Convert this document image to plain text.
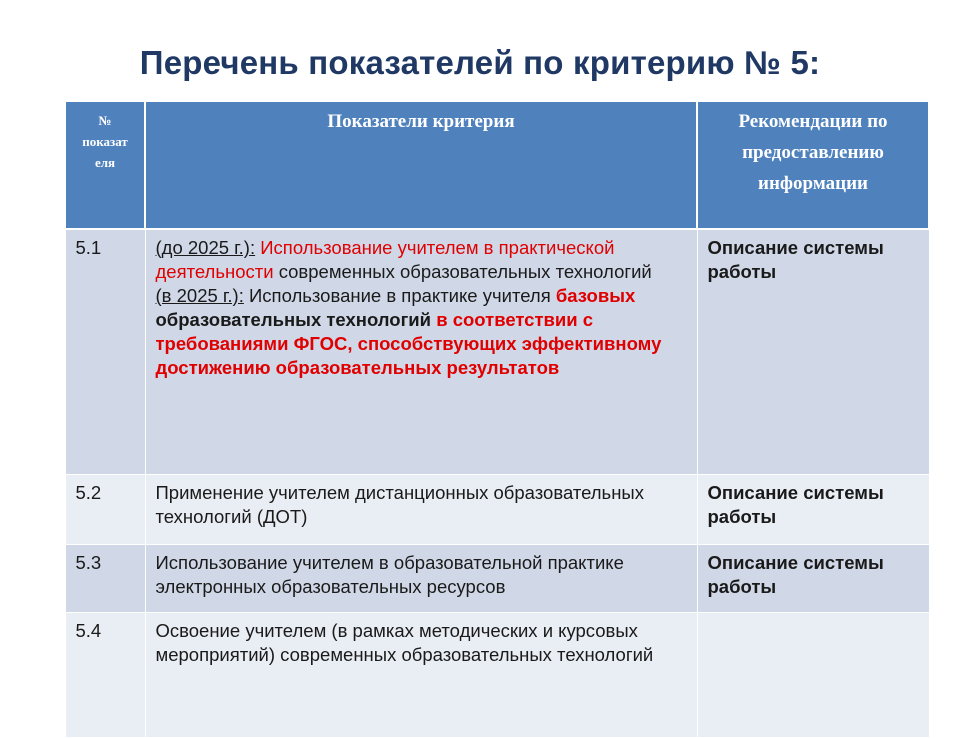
Перечень показателей по критерию № 5:
№
показат
еля	Показатели критерия	Рекомендации по
предоставлению
информации

5.1	(до 2025 г.): Использование учителем в практической деятельности современных образовательных технологий
(в 2025 г.): Использование в практике учителя базовых образовательных технологий в соответствии с требованиями ФГОС, способствующих эффективному достижению образовательных результатов	Описание системы работы
5.2	Применение учителем дистанционных образовательных технологий (ДОТ)	Описание системы работы
5.3	Использование учителем в образовательной практике электронных образовательных ресурсов	Описание системы работы
5.4	Освоение учителем (в рамках методических и курсовых мероприятий) современных образовательных технологий	
